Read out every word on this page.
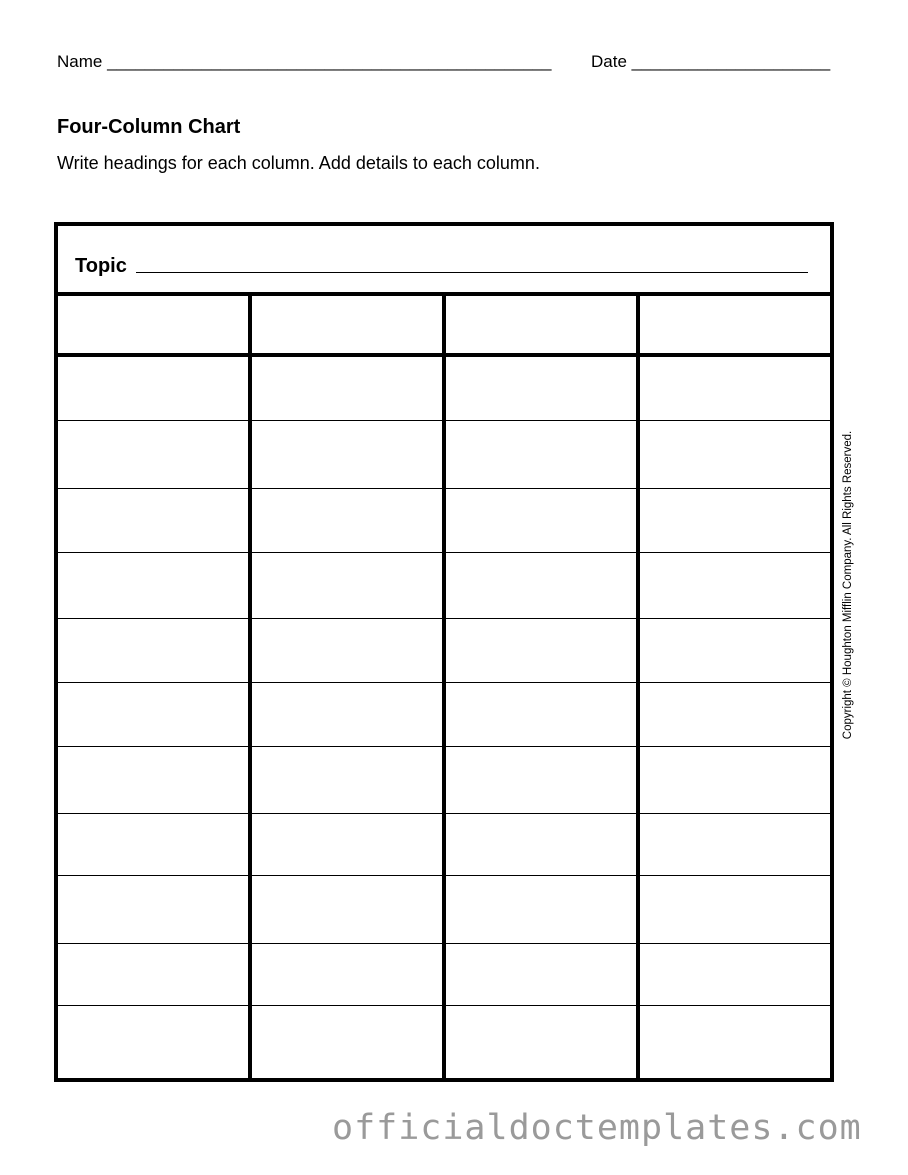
Name _______________________________________________ Date _____________________
Four-Column Chart
Write headings for each column. Add details to each column.
Topic
Copyright © Houghton Mifflin Company. All Rights Reserved.
officialdoctemplates.com
